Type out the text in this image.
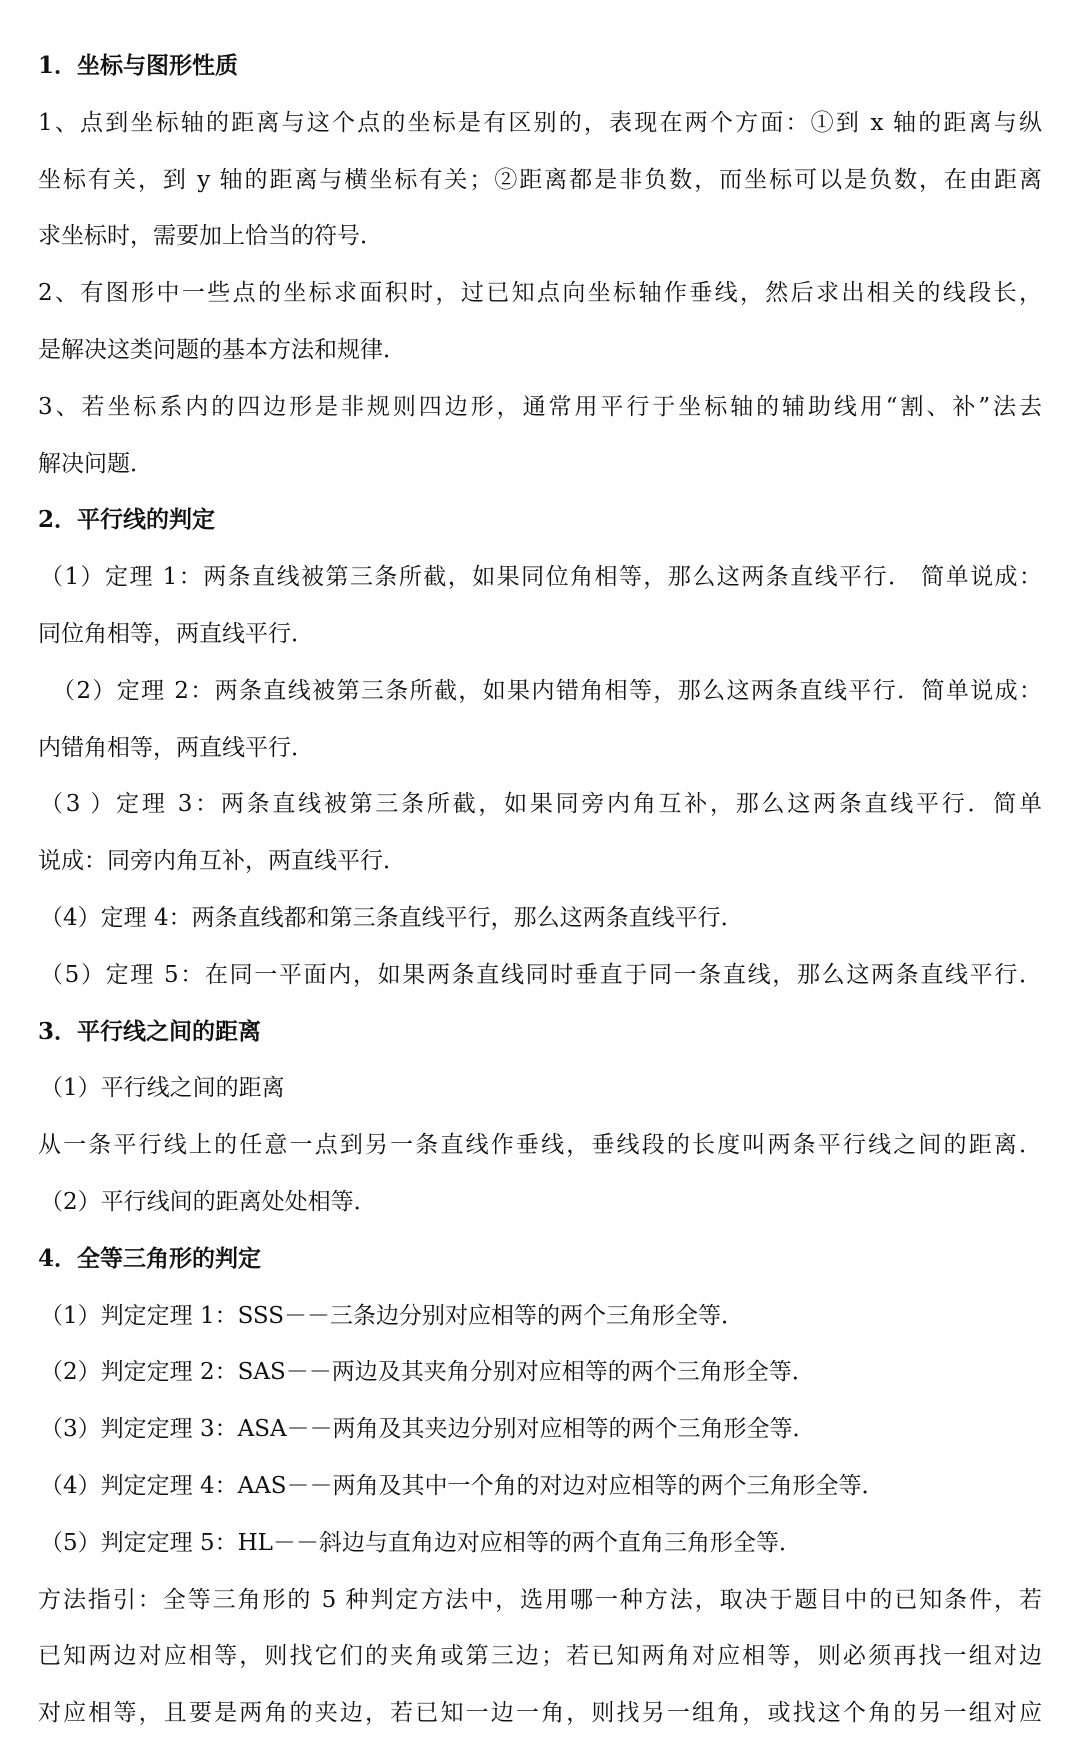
1．坐标与图形性质
1、点到坐标轴的距离与这个点的坐标是有区别的，表现在两个方面：①到 x 轴的距离与纵
坐标有关，到 y 轴的距离与横坐标有关；②距离都是非负数，而坐标可以是负数，在由距离
求坐标时，需要加上恰当的符号．
2、有图形中一些点的坐标求面积时，过已知点向坐标轴作垂线，然后求出相关的线段长，
是解决这类问题的基本方法和规律．
3、若坐标系内的四边形是非规则四边形，通常用平行于坐标轴的辅助线用“割、补”法去
解决问题．
2．平行线的判定
（1）定理 1：两条直线被第三条所截，如果同位角相等，那么这两条直线平行． 简单说成：
同位角相等，两直线平行．
（2）定理 2：两条直线被第三条所截，如果内错角相等，那么这两条直线平行．简单说成：
内错角相等，两直线平行．
（3 ）定理 3：两条直线被第三条所截，如果同旁内角互补，那么这两条直线平行．简单
说成：同旁内角互补，两直线平行．
（4）定理 4：两条直线都和第三条直线平行，那么这两条直线平行．
（5）定理 5：在同一平面内，如果两条直线同时垂直于同一条直线，那么这两条直线平行．
3．平行线之间的距离
（1）平行线之间的距离
从一条平行线上的任意一点到另一条直线作垂线，垂线段的长度叫两条平行线之间的距离．
（2）平行线间的距离处处相等．
4．全等三角形的判定
（1）判定定理 1：SSS－－三条边分别对应相等的两个三角形全等．
（2）判定定理 2：SAS－－两边及其夹角分别对应相等的两个三角形全等．
（3）判定定理 3：ASA－－两角及其夹边分别对应相等的两个三角形全等．
（4）判定定理 4：AAS－－两角及其中一个角的对边对应相等的两个三角形全等．
（5）判定定理 5：HL－－斜边与直角边对应相等的两个直角三角形全等．
方法指引：全等三角形的 5 种判定方法中，选用哪一种方法，取决于题目中的已知条件，若
已知两边对应相等，则找它们的夹角或第三边；若已知两角对应相等，则必须再找一组对边
对应相等，且要是两角的夹边，若已知一边一角，则找另一组角，或找这个角的另一组对应
